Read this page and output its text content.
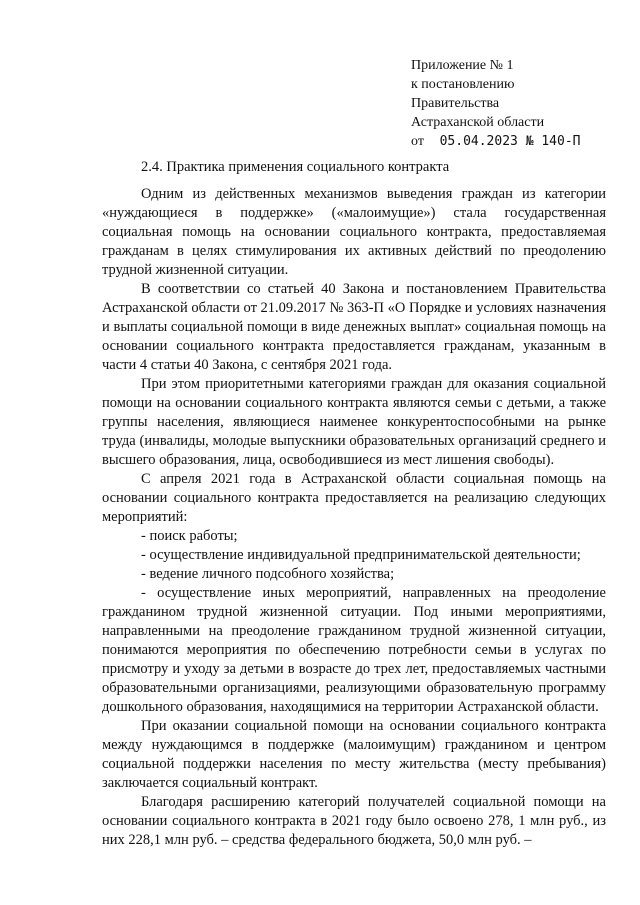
Приложение № 1
к постановлению
Правительства
Астраханской области
от 05.04.2023 № 140-П
2.4. Практика применения социального контракта

Одним из действенных механизмов выведения граждан из категории «нуждающиеся в поддержке» («малоимущие») стала государственная социальная помощь на основании социального контракта, предоставляемая гражданам в целях стимулирования их активных действий по преодолению трудной жизненной ситуации.

В соответствии со статьей 40 Закона и постановлением Правительства Астраханской области от 21.09.2017 № 363-П «О Порядке и условиях назначения и выплаты социальной помощи в виде денежных выплат» социальная помощь на основании социального контракта предоставляется гражданам, указанным в части 4 статьи 40 Закона, с сентября 2021 года.

При этом приоритетными категориями граждан для оказания социальной помощи на основании социального контракта являются семьи с детьми, а также группы населения, являющиеся наименее конкурентоспособными на рынке труда (инвалиды, молодые выпускники образовательных организаций среднего и высшего образования, лица, освободившиеся из мест лишения свободы).

С апреля 2021 года в Астраханской области социальная помощь на основании социального контракта предоставляется на реализацию следующих мероприятий:

- поиск работы;

- осуществление индивидуальной предпринимательской деятельности;

- ведение личного подсобного хозяйства;

- осуществление иных мероприятий, направленных на преодоление гражданином трудной жизненной ситуации. Под иными мероприятиями, направленными на преодоление гражданином трудной жизненной ситуации, понимаются мероприятия по обеспечению потребности семьи в услугах по присмотру и уходу за детьми в возрасте до трех лет, предоставляемых частными образовательными организациями, реализующими образовательную программу дошкольного образования, находящимися на территории Астраханской области.

При оказании социальной помощи на основании социального контракта между нуждающимся в поддержке (малоимущим) гражданином и центром социальной поддержки населения по месту жительства (месту пребывания) заключается социальный контракт.

Благодаря расширению категорий получателей социальной помощи на основании социального контракта в 2021 году было освоено 278, 1 млн руб., из них 228,1 млн руб. – средства федерального бюджета, 50,0 млн руб. –
